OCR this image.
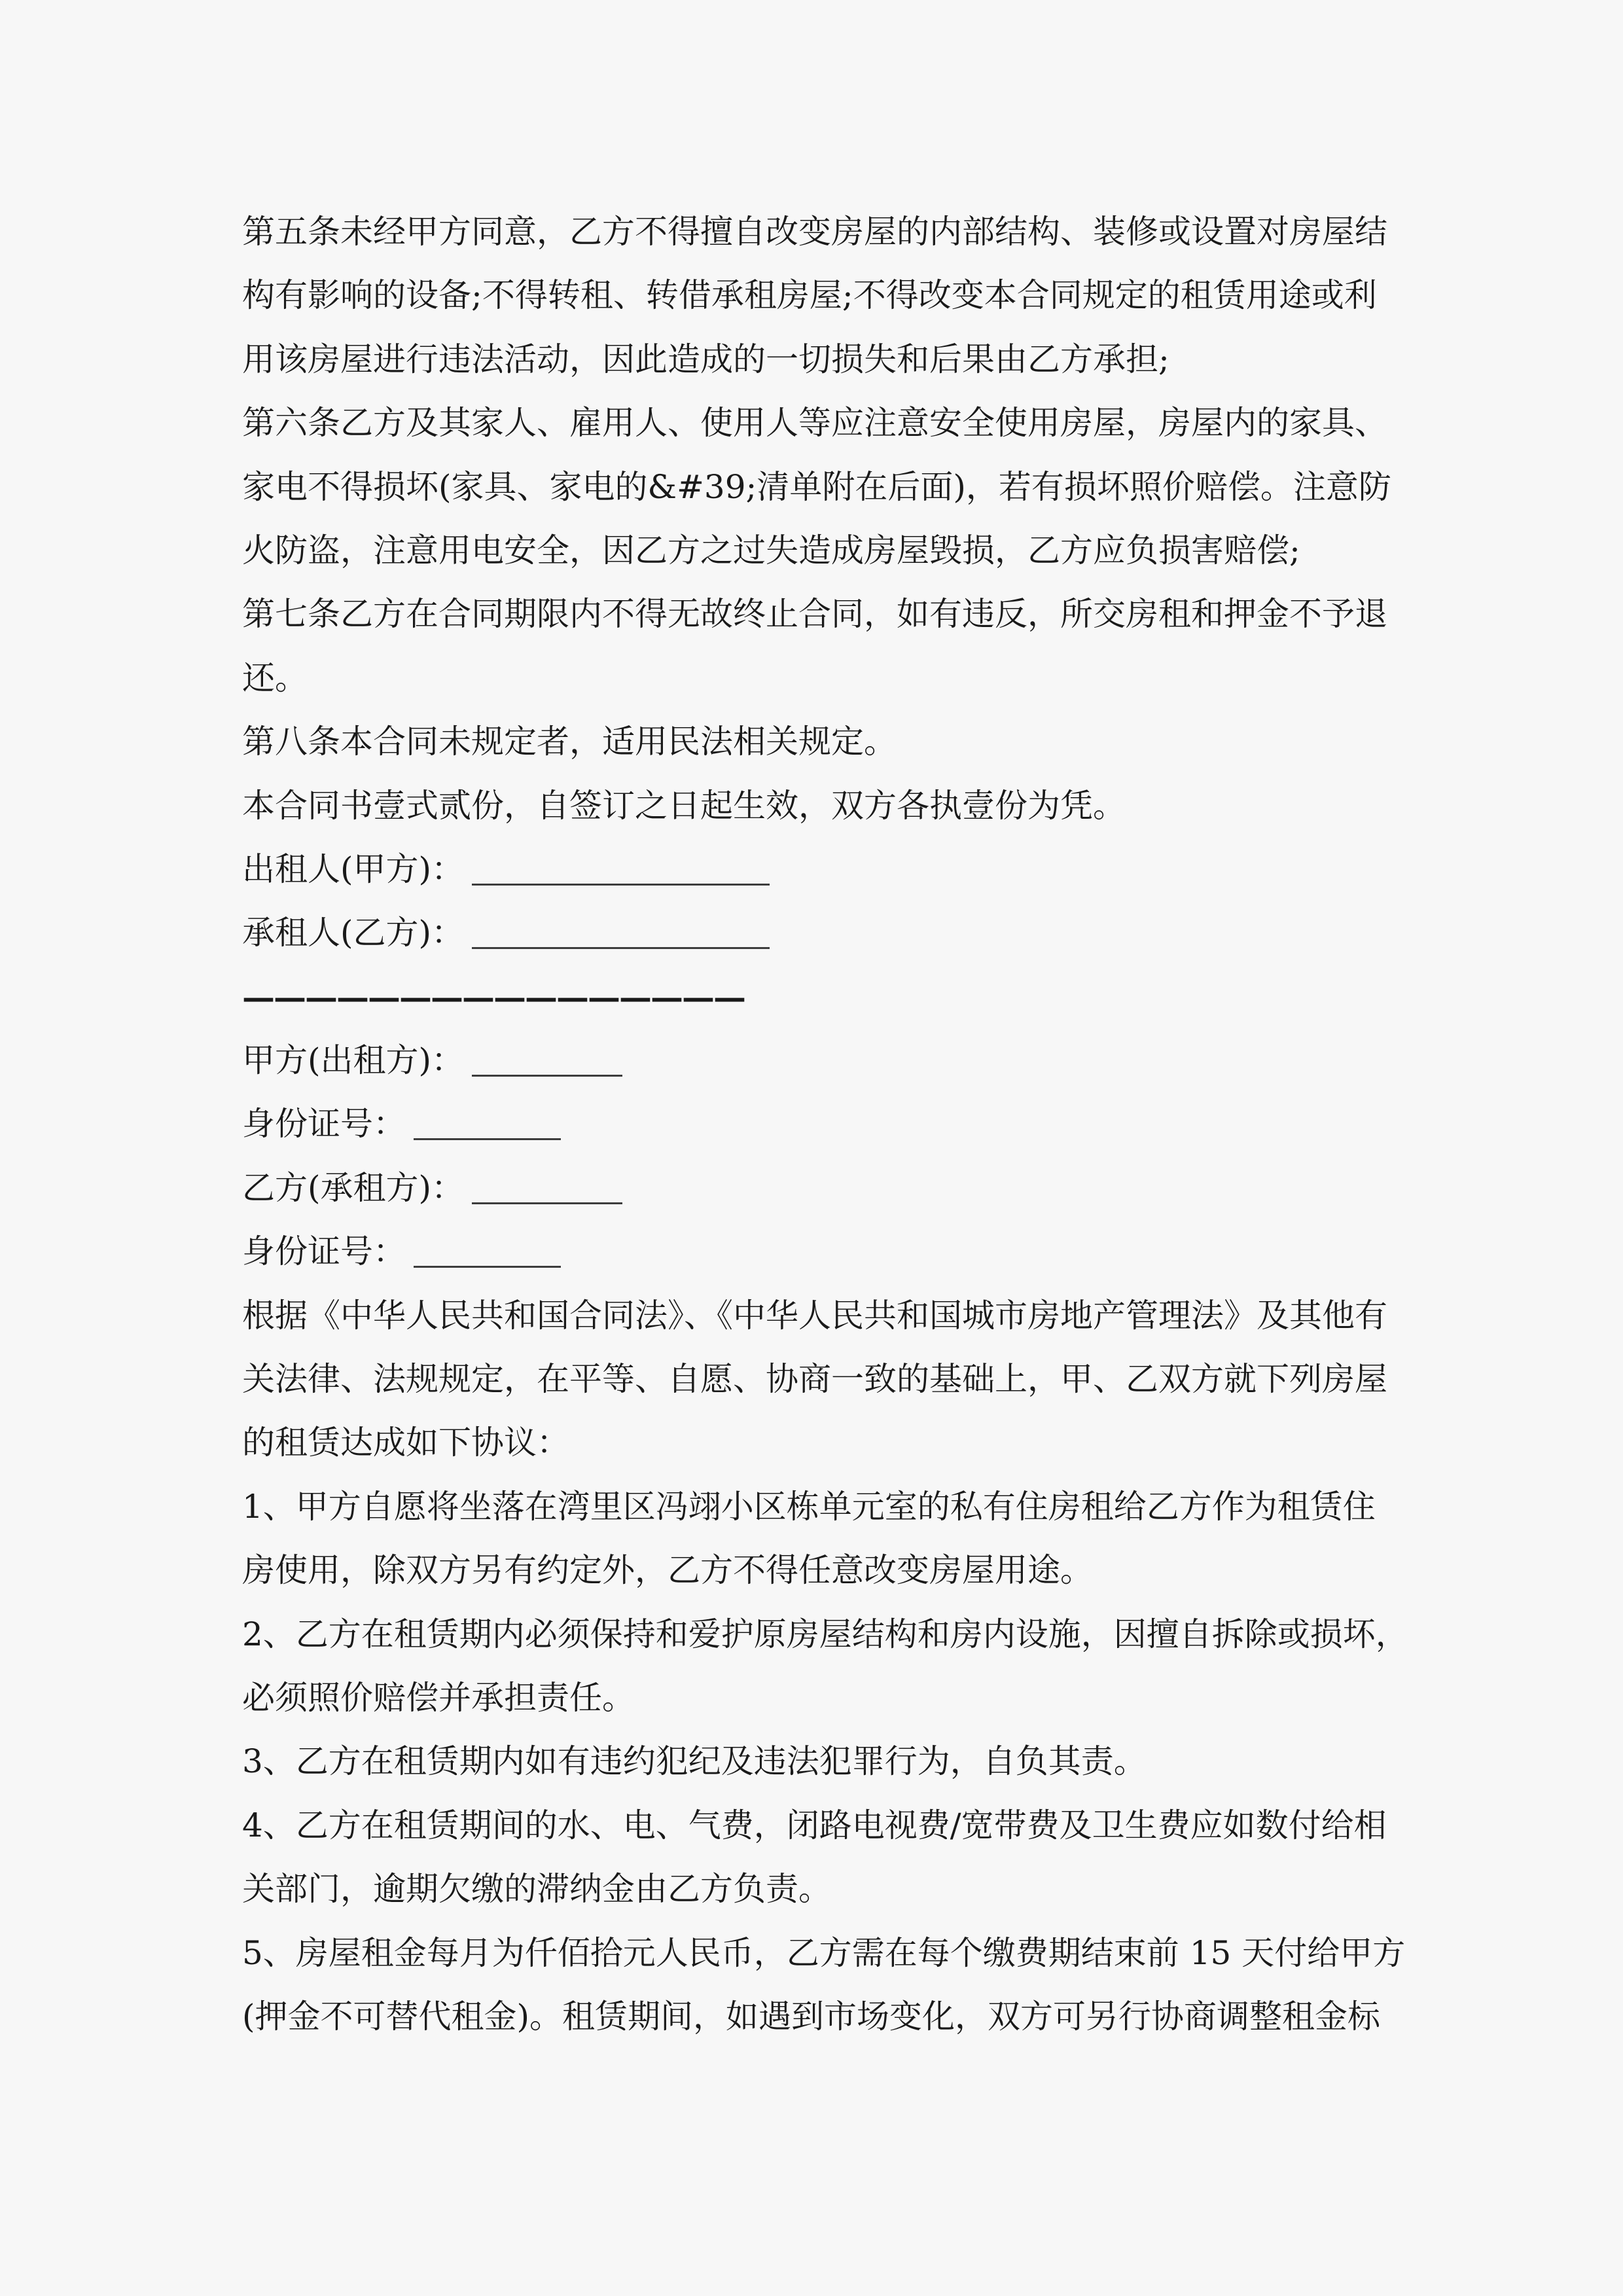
第五条未经甲方同意，乙方不得擅自改变房屋的内部结构、装修或设置对房屋结
构有影响的设备;不得转租、转借承租房屋;不得改变本合同规定的租赁用途或利
用该房屋进行违法活动，因此造成的一切损失和后果由乙方承担;
第六条乙方及其家人、雇用人、使用人等应注意安全使用房屋，房屋内的家具、
家电不得损坏(家具、家电的&#39;清单附在后面)，若有损坏照价赔偿。注意防
火防盗，注意用电安全，因乙方之过失造成房屋毁损，乙方应负损害赔偿;
第七条乙方在合同期限内不得无故终止合同，如有违反，所交房租和押金不予退
还。
第八条本合同未规定者，适用民法相关规定。
本合同书壹式贰份，自签订之日起生效，双方各执壹份为凭。
出租人(甲方)：
承租人(乙方)：
————————————————
甲方(出租方)：
身份证号：
乙方(承租方)：
身份证号：
根据《中华人民共和国合同法》、《中华人民共和国城市房地产管理法》及其他有
关法律、法规规定，在平等、自愿、协商一致的基础上，甲、乙双方就下列房屋
的租赁达成如下协议：
1、甲方自愿将坐落在湾里区冯翊小区栋单元室的私有住房租给乙方作为租赁住
房使用，除双方另有约定外，乙方不得任意改变房屋用途。
2、乙方在租赁期内必须保持和爱护原房屋结构和房内设施，因擅自拆除或损坏，
必须照价赔偿并承担责任。
3、乙方在租赁期内如有违约犯纪及违法犯罪行为，自负其责。
4、乙方在租赁期间的水、电、气费，闭路电视费/宽带费及卫生费应如数付给相
关部门，逾期欠缴的滞纳金由乙方负责。
5、房屋租金每月为仟佰拾元人民币，乙方需在每个缴费期结束前 15 天付给甲方
(押金不可替代租金)。租赁期间，如遇到市场变化，双方可另行协商调整租金标
